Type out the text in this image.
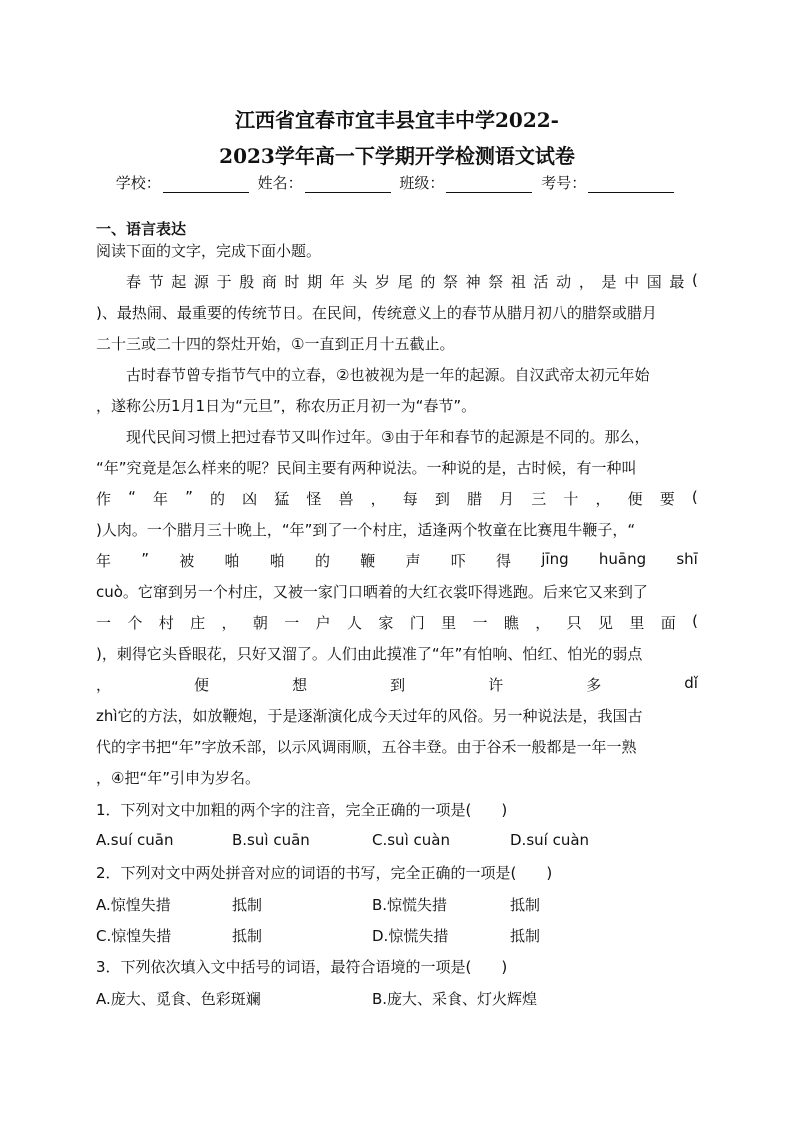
江西省宜春市宜丰县宜丰中学2022-
2023学年高一下学期开学检测语文试卷
学校：	姓名：	班级：	考号：
一、语言表达
阅读下面的文字，完成下面小题。
春 节 起 源 于 殷 商 时 期 年 头 岁 尾 的 祭 神 祭 祖 活 动 ， 是 中 国 最 (
)、最热闹、最重要的传统节日。在民间，传统意义上的春节从腊月初八的腊祭或腊月
二十三或二十四的祭灶开始，①一直到正月十五截止。
古时春节曾专指节气中的立春，②也被视为是一年的起源。自汉武帝太初元年始
，遂称公历1月1日为“元旦”，称农历正月初一为“春节”。
现代民间习惯上把过春节又叫作过年。③由于年和春节的起源是不同的。那么，
“年”究竟是怎么样来的呢？民间主要有两种说法。一种说的是，古时候，有一种叫
作 “ 年 ” 的 凶 猛 怪 兽 ， 每 到 腊 月 三 十 ， 便 要 (
)人肉。一个腊月三十晚上，“年”到了一个村庄，适逢两个牧童在比赛甩牛鞭子，“
年 ” 被 啪 啪 的 鞭 声 吓 得 jīng huāng shī
cuò。它窜到另一个村庄，又被一家门口晒着的大红衣裳吓得逃跑。后来它又来到了
一 个 村 庄 ， 朝 一 户 人 家 门 里 一 瞧 ， 只 见 里 面 (
)，刺得它头昏眼花，只好又溜了。人们由此摸准了“年”有怕响、怕红、怕光的弱点
，	便	想	到	许	多	dǐ
zhì它的方法，如放鞭炮，于是逐渐演化成今天过年的风俗。另一种说法是，我国古
代的字书把“年”字放禾部，以示风调雨顺，五谷丰登。由于谷禾一般都是一年一熟
，④把“年”引申为岁名。
1．下列对文中加粗的两个字的注音，完全正确的一项是(　　)
A.suí cuān	B.suì cuān	C.suì cuàn	D.suí cuàn
2．下列对文中两处拼音对应的词语的书写，完全正确的一项是(　　)
A.惊惶失措	抵制	B.惊慌失措	抵制
C.惊惶失措	抵制	D.惊慌失措	抵制
3．下列依次填入文中括号的词语，最符合语境的一项是(　　)
A.庞大、觅食、色彩斑斓	B.庞大、采食、灯火辉煌
